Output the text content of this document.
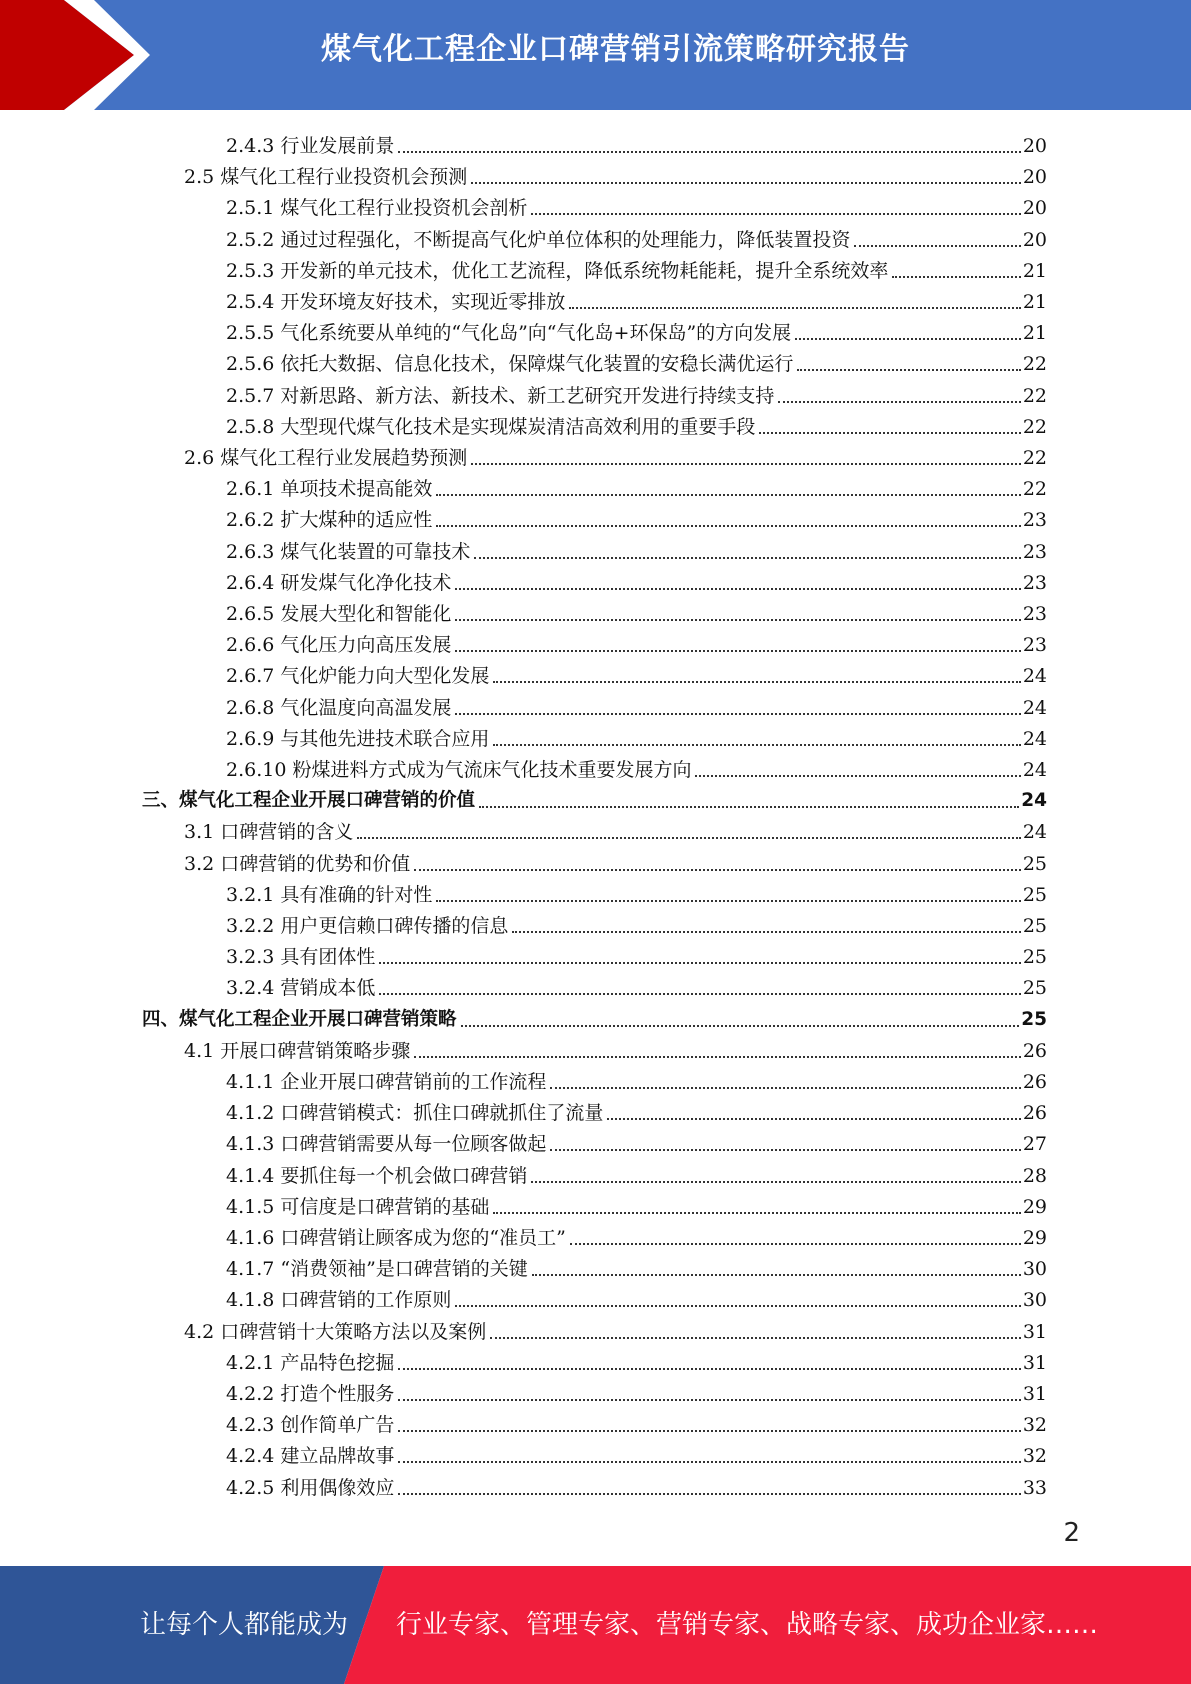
煤气化工程企业口碑营销引流策略研究报告
2.4.3 行业发展前景	20
2.5 煤气化工程行业投资机会预测	20
2.5.1 煤气化工程行业投资机会剖析	20
2.5.2 通过过程强化，不断提高气化炉单位体积的处理能力，降低装置投资	20
2.5.3 开发新的单元技术，优化工艺流程，降低系统物耗能耗，提升全系统效率	21
2.5.4 开发环境友好技术，实现近零排放	21
2.5.5 气化系统要从单纯的“气化岛”向“气化岛+环保岛”的方向发展	21
2.5.6 依托大数据、信息化技术，保障煤气化装置的安稳长满优运行	22
2.5.7 对新思路、新方法、新技术、新工艺研究开发进行持续支持	22
2.5.8 大型现代煤气化技术是实现煤炭清洁高效利用的重要手段	22
2.6 煤气化工程行业发展趋势预测	22
2.6.1 单项技术提高能效	22
2.6.2 扩大煤种的适应性	23
2.6.3 煤气化装置的可靠技术	23
2.6.4 研发煤气化净化技术	23
2.6.5 发展大型化和智能化	23
2.6.6 气化压力向高压发展	23
2.6.7 气化炉能力向大型化发展	24
2.6.8 气化温度向高温发展	24
2.6.9 与其他先进技术联合应用	24
2.6.10 粉煤进料方式成为气流床气化技术重要发展方向	24
三、煤气化工程企业开展口碑营销的价值	24
3.1 口碑营销的含义	24
3.2 口碑营销的优势和价值	25
3.2.1 具有准确的针对性	25
3.2.2 用户更信赖口碑传播的信息	25
3.2.3 具有团体性	25
3.2.4 营销成本低	25
四、煤气化工程企业开展口碑营销策略	25
4.1 开展口碑营销策略步骤	26
4.1.1 企业开展口碑营销前的工作流程	26
4.1.2 口碑营销模式：抓住口碑就抓住了流量	26
4.1.3 口碑营销需要从每一位顾客做起	27
4.1.4 要抓住每一个机会做口碑营销	28
4.1.5 可信度是口碑营销的基础	29
4.1.6 口碑营销让顾客成为您的“准员工”	29
4.1.7 “消费领袖”是口碑营销的关键	30
4.1.8 口碑营销的工作原则	30
4.2 口碑营销十大策略方法以及案例	31
4.2.1 产品特色挖掘	31
4.2.2 打造个性服务	31
4.2.3 创作简单广告	32
4.2.4 建立品牌故事	32
4.2.5 利用偶像效应	33
2
让每个人都能成为 行业专家、管理专家、营销专家、战略专家、成功企业家……
